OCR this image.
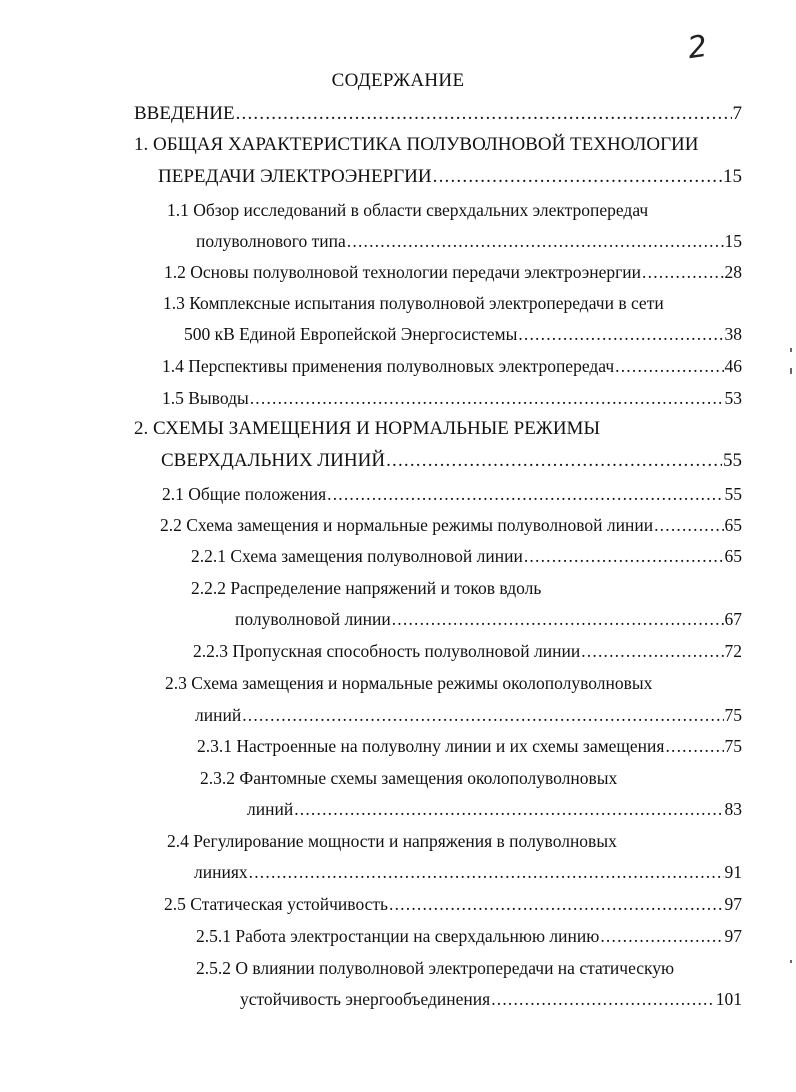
2
СОДЕРЖАНИЕ
ВВЕДЕНИЕ .....	7
1. ОБЩАЯ ХАРАКТЕРИСТИКА ПОЛУВОЛНОВОЙ ТЕХНОЛОГИИ
ПЕРЕДАЧИ ЭЛЕКТРОЭНЕРГИИ .....	15
1.1 Обзор исследований в области сверхдальних электропередач
полуволнового типа .....	15
1.2 Основы полуволновой технологии передачи электроэнергии .....	28
1.3 Комплексные испытания полуволновой электропередачи в сети
500 кВ Единой Европейской Энергосистемы .....	38
1.4 Перспективы применения полуволновых электропередач .....	46
1.5 Выводы .....	53
2. СХЕМЫ ЗАМЕЩЕНИЯ И НОРМАЛЬНЫЕ РЕЖИМЫ
СВЕРХДАЛЬНИХ ЛИНИЙ .....	55
2.1 Общие положения .....	55
2.2 Схема замещения и нормальные режимы полуволновой линии .....	65
2.2.1 Схема замещения полуволновой линии .....	65
2.2.2 Распределение напряжений и токов вдоль
полуволновой линии .....	67
2.2.3 Пропускная способность полуволновой линии .....	72
2.3 Схема замещения и нормальные режимы околополуволновых
линий .....	75
2.3.1 Настроенные на полуволну линии и их схемы замещения .....	75
2.3.2 Фантомные схемы замещения околополуволновых
линий .....	83
2.4 Регулирование мощности и напряжения в полуволновых
линиях .....	91
2.5 Статическая устойчивость .....	97
2.5.1 Работа электростанции на сверхдальнюю линию .....	97
2.5.2 О влиянии полуволновой электропередачи на статическую
устойчивость энергообъединения .....	101
